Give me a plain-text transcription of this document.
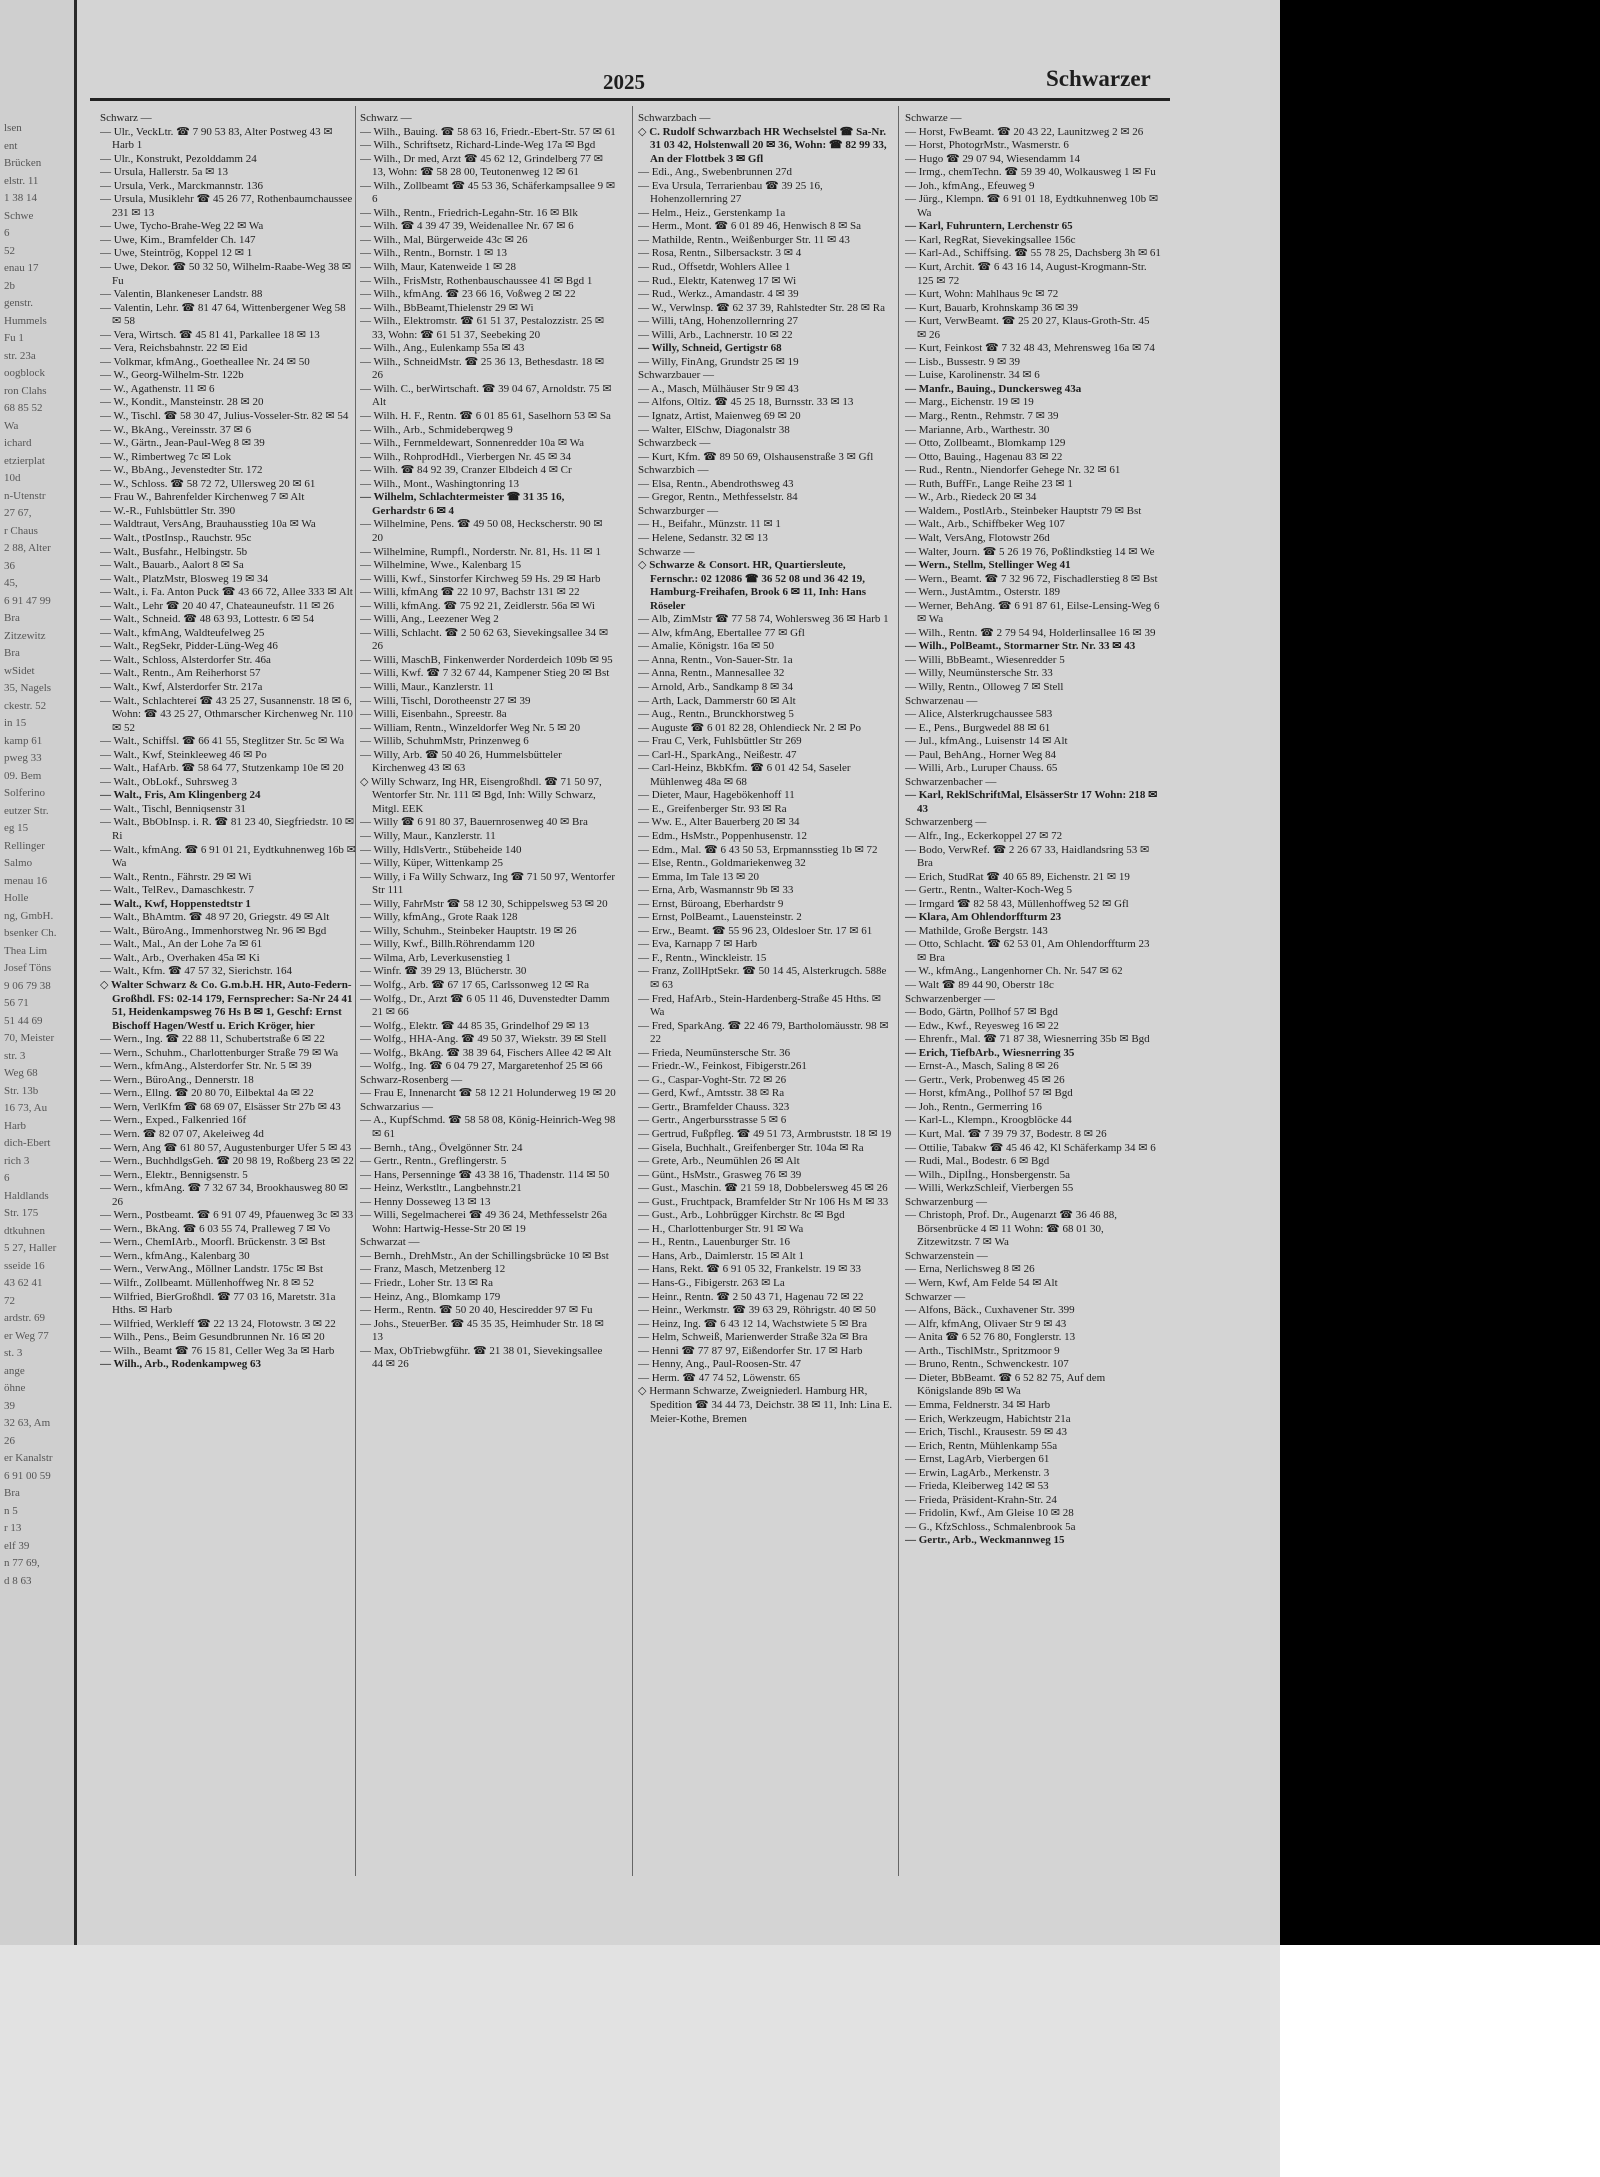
lsen
ent
Brücken
elstr. 11
1 38 14
Schwe
6
52
enau 17
2b
genstr.
Hummels
Fu 1
str. 23a
oogblock
ron Clahs
68 85 52
Wa
ichard
etzierplat
10d
n-Utenstr
27 67,
r Chaus
2 88, Alter
36
45,
6 91 47 99
Bra
Zitzewitz
Bra
wSidet
35, Nagels
ckestr. 52
in 15
kamp 61
pweg 33
09. Bem
Solferino
eutzer Str.
eg 15
Rellinger
Salmo
menau 16
Holle
ng, GmbH.
bsenker Ch.
Thea Lim
Josef Töns
9 06 79 38
56 71
51 44 69
70, Meister
str. 3
Weg 68
Str. 13b
16 73, Au
Harb
dich-Ebert
rich 3
6
Haldlands
Str. 175
dtkuhnen
5 27, Haller
sseide 16
43 62 41
72
ardstr. 69
er Weg 77
st. 3
ange
öhne
39
32 63, Am
26
er Kanalstr
6 91 00 59
Bra
n 5
r 13
elf 39
n 77 69,
d 8 63
2025	Schwarzer
Schwarz —
— Ulr., VeckLtr. ☎ 7 90 53 83, Alter Postweg 43 ✉ Harb 1
— Ulr., Konstrukt, Pezolddamm 24
— Ursula, Hallerstr. 5a ✉ 13
— Ursula, Verk., Marckmannstr. 136
— Ursula, Musiklehr ☎ 45 26 77, Rothenbaumchaussee 231 ✉ 13
— Uwe, Tycho-Brahe-Weg 22 ✉ Wa
— Uwe, Kim., Bramfelder Ch. 147
— Uwe, Steintrög, Koppel 12 ✉ 1
— Uwe, Dekor. ☎ 50 32 50, Wilhelm-Raabe-Weg 38 ✉ Fu
— Valentin, Blankeneser Landstr. 88
— Valentin, Lehr. ☎ 81 47 64, Wittenbergener Weg 58 ✉ 58
— Vera, Wirtsch. ☎ 45 81 41, Parkallee 18 ✉ 13
— Vera, Reichsbahnstr. 22 ✉ Eid
— Volkmar, kfmAng., Goetheallee Nr. 24 ✉ 50
— W., Georg-Wilhelm-Str. 122b
— W., Agathenstr. 11 ✉ 6
— W., Kondit., Mansteinstr. 28 ✉ 20
— W., Tischl. ☎ 58 30 47, Julius-Vosseler-Str. 82 ✉ 54
— W., BkAng., Vereinsstr. 37 ✉ 6
— W., Gärtn., Jean-Paul-Weg 8 ✉ 39
— W., Rimbertweg 7c ✉ Lok
— W., BbAng., Jevenstedter Str. 172
— W., Schloss. ☎ 58 72 72, Ullersweg 20 ✉ 61
— Frau W., Bahrenfelder Kirchenweg 7 ✉ Alt
— W.-R., Fuhlsbüttler Str. 390
— Waldtraut, VersAng, Brauhausstieg 10a ✉ Wa
— Walt., tPostInsp., Rauchstr. 95c
— Walt., Busfahr., Helbingstr. 5b
— Walt., Bauarb., Aalort 8 ✉ Sa
— Walt., PlatzMstr, Blosweg 19 ✉ 34
— Walt., i. Fa. Anton Puck ☎ 43 66 72, Allee 333 ✉ Alt
— Walt., Lehr ☎ 20 40 47, Chateauneufstr. 11 ✉ 26
— Walt., Schneid. ☎ 48 63 93, Lottestr. 6 ✉ 54
— Walt., kfmAng, Waldteufelweg 25
— Walt., RegSekr, Pidder-Lüng-Weg 46
— Walt., Schloss, Alsterdorfer Str. 46a
— Walt., Rentn., Am Reiherhorst 57
— Walt., Kwf, Alsterdorfer Str. 217a
— Walt., Schlachtereí ☎ 43 25 27, Susannenstr. 18 ✉ 6, Wohn: ☎ 43 25 27, Othmarscher Kirchenweg Nr. 110 ✉ 52
— Walt., Schiffsl. ☎ 66 41 55, Steglitzer Str. 5c ✉ Wa
— Walt., Kwf, Steinkleeweg 46 ✉ Po
— Walt., HafArb. ☎ 58 64 77, Stutzenkamp 10e ✉ 20
— Walt., ObLokf., Suhrsweg 3
— Walt., Fris, Am Klingenberg 24
— Walt., Tischl, Benniqsenstr 31
— Walt., BbObInsp. i. R. ☎ 81 23 40, Siegfriedstr. 10 ✉ Ri
— Walt., kfmAng. ☎ 6 91 01 21, Eydtkuhnenweg 16b ✉ Wa
— Walt., Rentn., Fährstr. 29 ✉ Wi
— Walt., TelRev., Damaschkestr. 7
— Walt., Kwf, Hoppenstedtstr 1
— Walt., BhAmtm. ☎ 48 97 20, Griegstr. 49 ✉ Alt
— Walt., BüroAng., Immenhorstweg Nr. 96 ✉ Bgd
— Walt., Mal., An der Lohe 7a ✉ 61
— Walt., Arb., Overhaken 45a ✉ Ki
— Walt., Kfm. ☎ 47 57 32, Sierichstr. 164
◇ Walter Schwarz & Co. G.m.b.H. HR, Auto-Federn-Großhdl. FS: 02-14 179, Fernsprecher: Sa-Nr 24 41 51, Heidenkampsweg 76 Hs B ✉ 1, Geschf: Ernst Bischoff Hagen/Westf u. Erich Kröger, hier
— Wern., Ing. ☎ 22 88 11, Schubertstraße 6 ✉ 22
— Wern., Schuhm., Charlottenburger Straße 79 ✉ Wa
— Wern., kfmAng., Alsterdorfer Str. Nr. 5 ✉ 39
— Wern., BüroAng., Dennerstr. 18
— Wern., Ellng. ☎ 20 80 70, Eilbektal 4a ✉ 22
— Wern, VerlKfm ☎ 68 69 07, Elsässer Str 27b ✉ 43
— Wern., Exped., Falkenried 16f
— Wern. ☎ 82 07 07, Akeleiweg 4d
— Wern, Ang ☎ 61 80 57, Augustenburger Ufer 5 ✉ 43
— Wern., BuchhdlgsGeh. ☎ 20 98 19, Roßberg 23 ✉ 22
— Wern., Elektr., Bennigsenstr. 5
— Wern., kfmAng. ☎ 7 32 67 34, Brookhausweg 80 ✉ 26
— Wern., Postbeamt. ☎ 6 91 07 49, Pfauenweg 3c ✉ 33
— Wern., BkAng. ☎ 6 03 55 74, Pralleweg 7 ✉ Vo
— Wern., ChemIArb., Moorfl. Brückenstr. 3 ✉ Bst
— Wern., kfmAng., Kalenbarg 30
— Wern., VerwAng., Möllner Landstr. 175c ✉ Bst
— Wilfr., Zollbeamt. Müllenhoffweg Nr. 8 ✉ 52
— Wilfried, BierGroßhdl. ☎ 77 03 16, Maretstr. 31a Hths. ✉ Harb
— Wilfried, Werkleff ☎ 22 13 24, Flotowstr. 3 ✉ 22
— Wilh., Pens., Beim Gesundbrunnen Nr. 16 ✉ 20
— Wilh., Beamt ☎ 76 15 81, Celler Weg 3a ✉ Harb
— Wilh., Arb., Rodenkampweg 63
Schwarz —
— Wilh., Bauing. ☎ 58 63 16, Friedr.-Ebert-Str. 57 ✉ 61
— Wilh., Schriftsetz, Richard-Linde-Weg 17a ✉ Bgd
— Wilh., Dr med, Arzt ☎ 45 62 12, Grindelberg 77 ✉ 13, Wohn: ☎ 58 28 00, Teutonenweg 12 ✉ 61
— Wilh., Zollbeamt ☎ 45 53 36, Schäferkampsallee 9 ✉ 6
— Wilh., Rentn., Friedrich-Legahn-Str. 16 ✉ Blk
— Wilh. ☎ 4 39 47 39, Weidenallee Nr. 67 ✉ 6
— Wilh., Mal, Bürgerweide 43c ✉ 26
— Wilh., Rentn., Bornstr. 1 ✉ 13
— Wilh, Maur, Katenweide 1 ✉ 28
— Wilh., FrisMstr, Rothenbauschaussee 41 ✉ Bgd 1
— Wilh., kfmAng. ☎ 23 66 16, Voßweg 2 ✉ 22
— Wilh., BbBeamt,Thielenstr 29 ✉ Wi
— Wilh., Elektromstr. ☎ 61 51 37, Pestalozzistr. 25 ✉ 33, Wohn: ☎ 61 51 37, Seebeking 20
— Wilh., Ang., Eulenkamp 55a ✉ 43
— Wilh., SchneidMstr. ☎ 25 36 13, Bethesdastr. 18 ✉ 26
— Wilh. C., berWirtschaft. ☎ 39 04 67, Arnoldstr. 75 ✉ Alt
— Wilh. H. F., Rentn. ☎ 6 01 85 61, Saselhorn 53 ✉ Sa
— Wilh., Arb., Schmideberqweg 9
— Wilh., Fernmeldewart, Sonnenredder 10a ✉ Wa
— Wilh., RohprodHdl., Vierbergen Nr. 45 ✉ 34
— Wilh. ☎ 84 92 39, Cranzer Elbdeich 4 ✉ Cr
— Wilh., Mont., Washingtonring 13
— Wilhelm, Schlachtermeister ☎ 31 35 16, Gerhardstr 6 ✉ 4
— Wilhelmine, Pens. ☎ 49 50 08, Heckscherstr. 90 ✉ 20
— Wilhelmine, Rumpfl., Norderstr. Nr. 81, Hs. 11 ✉ 1
— Wilhelmine, Wwe., Kalenbarg 15
— Willi, Kwf., Sinstorfer Kirchweg 59 Hs. 29 ✉ Harb
— Willi, kfmAng ☎ 22 10 97, Bachstr 131 ✉ 22
— Willi, kfmAng. ☎ 75 92 21, Zeidlerstr. 56a ✉ Wi
— Willi, Ang., Leezener Weg 2
— Willi, Schlacht. ☎ 2 50 62 63, Sievekingsallee 34 ✉ 26
— Willi, MaschB, Finkenwerder Norderdeich 109b ✉ 95
— Willi, Kwf. ☎ 7 32 67 44, Kampener Stieg 20 ✉ Bst
— Willi, Maur., Kanzlerstr. 11
— Willi, Tischl, Dorotheenstr 27 ✉ 39
— Willi, Eisenbahn., Spreestr. 8a
— William, Rentn., Winzeldorfer Weg Nr. 5 ✉ 20
— Willib, SchuhmMstr, Prinzenweg 6
— Willy, Arb. ☎ 50 40 26, Hummelsbütteler Kirchenweg 43 ✉ 63
◇ Willy Schwarz, Ing HR, Eisengroßhdl. ☎ 71 50 97, Wentorfer Str. Nr. 111 ✉ Bgd, Inh: Willy Schwarz, Mitgl. EEK
— Willy ☎ 6 91 80 37, Bauernrosenweg 40 ✉ Bra
— Willy, Maur., Kanzlerstr. 11
— Willy, HdlsVertr., Stübeheide 140
— Willy, Küper, Wittenkamp 25
— Willy, i Fa Willy Schwarz, Ing ☎ 71 50 97, Wentorfer Str 111
— Willy, FahrMstr ☎ 58 12 30, Schippelsweg 53 ✉ 20
— Willy, kfmAng., Grote Raak 128
— Willy, Schuhm., Steinbeker Hauptstr. 19 ✉ 26
— Willy, Kwf., Billh.Röhrendamm 120
— Wilma, Arb, Leverkusenstieg 1
— Winfr. ☎ 39 29 13, Blücherstr. 30
— Wolfg., Arb. ☎ 67 17 65, Carlssonweg 12 ✉ Ra
— Wolfg., Dr., Arzt ☎ 6 05 11 46, Duvenstedter Damm 21 ✉ 66
— Wolfg., Elektr. ☎ 44 85 35, Grindelhof 29 ✉ 13
— Wolfg., HHA-Ang. ☎ 49 50 37, Wiekstr. 39 ✉ Stell
— Wolfg., BkAng. ☎ 38 39 64, Fischers Allee 42 ✉ Alt
— Wolfg., Ing. ☎ 6 04 79 27, Margaretenhof 25 ✉ 66
Schwarz-Rosenberg —
— Frau E, Innenarcht ☎ 58 12 21 Holunderweg 19 ✉ 20
Schwarzarius —
— A., KupfSchmd. ☎ 58 58 08, König-Heinrich-Weg 98 ✉ 61
— Bernh., tAng., Övelgönner Str. 24
— Gertr., Rentn., Greflingerstr. 5
— Hans, Persenninge ☎ 43 38 16, Thadenstr. 114 ✉ 50
— Heinz, Werkstltr., Langbehnstr.21
— Henny Dosseweg 13 ✉ 13
— Willi, Segelmacherei ☎ 49 36 24, Methfesselstr 26a Wohn: Hartwig-Hesse-Str 20 ✉ 19
Schwarzat —
— Bernh., DrehMstr., An der Schillingsbrücke 10 ✉ Bst
— Franz, Masch, Metzenberg 12
— Friedr., Loher Str. 13 ✉ Ra
— Heinz, Ang., Blomkamp 179
— Herm., Rentn. ☎ 50 20 40, Hesciredder 97 ✉ Fu
— Johs., SteuerBer. ☎ 45 35 35, Heimhuder Str. 18 ✉ 13
— Max, ObTriebwgführ. ☎ 21 38 01, Sievekingsallee 44 ✉ 26
Schwarzbach —
◇ C. Rudolf Schwarzbach HR Wechselstel ☎ Sa-Nr. 31 03 42, Holstenwall 20 ✉ 36, Wohn: ☎ 82 99 33, An der Flottbek 3 ✉ Gfl
— Edi., Ang., Swebenbrunnen 27d
— Eva Ursula, Terrarienbau ☎ 39 25 16, Hohenzollernring 27
— Helm., Heiz., Gerstenkamp 1a
— Herm., Mont. ☎ 6 01 89 46, Henwisch 8 ✉ Sa
— Mathilde, Rentn., Weißenburger Str. 11 ✉ 43
— Rosa, Rentn., Silbersackstr. 3 ✉ 4
— Rud., Offsetdr, Wohlers Allee 1
— Rud., Elektr, Katenweg 17 ✉ Wi
— Rud., Werkz., Amandastr. 4 ✉ 39
— W., Verwlnsp. ☎ 62 37 39, Rahlstedter Str. 28 ✉ Ra
— Willi, tAng, Hohenzollernring 27
— Willi, Arb., Lachnerstr. 10 ✉ 22
— Willy, Schneid, Gertigstr 68
— Willy, FinAng, Grundstr 25 ✉ 19
Schwarzbauer —
— A., Masch, Mülhäuser Str 9 ✉ 43
— Alfons, Oltiz. ☎ 45 25 18, Burnsstr. 33 ✉ 13
— Ignatz, Artist, Maienweg 69 ✉ 20
— Walter, ElSchw, Diagonalstr 38
Schwarzbeck —
— Kurt, Kfm. ☎ 89 50 69, Olshausenstraße 3 ✉ Gfl
Schwarzbich —
— Elsa, Rentn., Abendrothsweg 43
— Gregor, Rentn., Methfesselstr. 84
Schwarzburger —
— H., Beifahr., Münzstr. 11 ✉ 1
— Helene, Sedanstr. 32 ✉ 13
Schwarze —
◇ Schwarze & Consort. HR, Quartiersleute, Fernschr.: 02 12086 ☎ 36 52 08 und 36 42 19, Hamburg-Freihafen, Brook 6 ✉ 11, Inh: Hans Röseler
— Alb, ZimMstr ☎ 77 58 74, Wohlersweg 36 ✉ Harb 1
— Alw, kfmAng, Ebertallee 77 ✉ Gfl
— Amalie, Königstr. 16a ✉ 50
— Anna, Rentn., Von-Sauer-Str. 1a
— Anna, Rentn., Mannesallee 32
— Arnold, Arb., Sandkamp 8 ✉ 34
— Arth, Lack, Dammerstr 60 ✉ Alt
— Aug., Rentn., Brunckhorstweg 5
— Auguste ☎ 6 01 82 28, Ohlendieck Nr. 2 ✉ Po
— Frau C, Verk, Fuhlsbüttler Str 269
— Carl-H., SparkAng., Neißestr. 47
— Carl-Heinz, BkbKfm. ☎ 6 01 42 54, Saseler Mühlenweg 48a ✉ 68
— Dieter, Maur, Hagebökenhoff 11
— E., Greifenberger Str. 93 ✉ Ra
— Ww. E., Alter Bauerberg 20 ✉ 34
— Edm., HsMstr., Poppenhusenstr. 12
— Edm., Mal. ☎ 6 43 50 53, Erpmannsstieg 1b ✉ 72
— Else, Rentn., Goldmariekenweg 32
— Emma, Im Tale 13 ✉ 20
— Erna, Arb, Wasmannstr 9b ✉ 33
— Ernst, Büroang, Eberhardstr 9
— Ernst, PolBeamt., Lauensteinstr. 2
— Erw., Beamt. ☎ 55 96 23, Oldesloer Str. 17 ✉ 61
— Eva, Karnapp 7 ✉ Harb
— F., Rentn., Winckleistr. 15
— Franz, ZollHptSekr. ☎ 50 14 45, Alsterkrugch. 588e ✉ 63
— Fred, HafArb., Stein-Hardenberg-Straße 45 Hths. ✉ Wa
— Fred, SparkAng. ☎ 22 46 79, Bartholomäusstr. 98 ✉ 22
— Frieda, Neumünstersche Str. 36
— Friedr.-W., Feinkost, Fibigerstr.261
— G., Caspar-Voght-Str. 72 ✉ 26
— Gerd, Kwf., Amtsstr. 38 ✉ Ra
— Gertr., Bramfelder Chauss. 323
— Gertr., Angerbursstrasse 5 ✉ 6
— Gertrud, Fußpfleg. ☎ 49 51 73, Armbruststr. 18 ✉ 19
— Gisela, Buchhalt., Greifenberger Str. 104a ✉ Ra
— Grete, Arb., Neumühlen 26 ✉ Alt
— Günt., HsMstr., Grasweg 76 ✉ 39
— Gust., Maschin. ☎ 21 59 18, Dobbelersweg 45 ✉ 26
— Gust., Fruchtpack, Bramfelder Str Nr 106 Hs M ✉ 33
— Gust., Arb., Lohbrügger Kirchstr. 8c ✉ Bgd
— H., Charlottenburger Str. 91 ✉ Wa
— H., Rentn., Lauenburger Str. 16
— Hans, Arb., Daimlerstr. 15 ✉ Alt 1
— Hans, Rekt. ☎ 6 91 05 32, Frankelstr. 19 ✉ 33
— Hans-G., Fibigerstr. 263 ✉ La
— Heinr., Rentn. ☎ 2 50 43 71, Hagenau 72 ✉ 22
— Heinr., Werkmstr. ☎ 39 63 29, Röhrigstr. 40 ✉ 50
— Heinz, Ing. ☎ 6 43 12 14, Wachstwiete 5 ✉ Bra
— Helm, Schweiß, Marienwerder Straße 32a ✉ Bra
— Henni ☎ 77 87 97, Eißendorfer Str. 17 ✉ Harb
— Henny, Ang., Paul-Roosen-Str. 47
— Herm. ☎ 47 74 52, Löwenstr. 65
◇ Hermann Schwarze, Zweigniederl. Hamburg HR, Spedition ☎ 34 44 73, Deichstr. 38 ✉ 11, Inh: Lina E. Meier-Kothe, Bremen
Schwarze —
— Horst, FwBeamt. ☎ 20 43 22, Launitzweg 2 ✉ 26
— Horst, PhotogrMstr., Wasmerstr. 6
— Hugo ☎ 29 07 94, Wiesendamm 14
— Irmg., chemTechn. ☎ 59 39 40, Wolkausweg 1 ✉ Fu
— Joh., kfmAng., Efeuweg 9
— Jürg., Klempn. ☎ 6 91 01 18, Eydtkuhnenweg 10b ✉ Wa
— Karl, Fuhruntern, Lerchenstr 65
— Karl, RegRat, Sievekingsallee 156c
— Karl-Ad., Schiffsing. ☎ 55 78 25, Dachsberg 3h ✉ 61
— Kurt, Archit. ☎ 6 43 16 14, August-Krogmann-Str. 125 ✉ 72
— Kurt, Wohn: Mahlhaus 9c ✉ 72
— Kurt, Bauarb, Krohnskamp 36 ✉ 39
— Kurt, VerwBeamt. ☎ 25 20 27, Klaus-Groth-Str. 45 ✉ 26
— Kurt, Feinkost ☎ 7 32 48 43, Mehrensweg 16a ✉ 74
— Lisb., Bussestr. 9 ✉ 39
— Luise, Karolinenstr. 34 ✉ 6
— Manfr., Bauing., Dunckersweg 43a
— Marg., Eichenstr. 19 ✉ 19
— Marg., Rentn., Rehmstr. 7 ✉ 39
— Marianne, Arb., Warthestr. 30
— Otto, Zollbeamt., Blomkamp 129
— Otto, Bauing., Hagenau 83 ✉ 22
— Rud., Rentn., Niendorfer Gehege Nr. 32 ✉ 61
— Ruth, BuffFr., Lange Reihe 23 ✉ 1
— W., Arb., Riedeck 20 ✉ 34
— Waldem., PostlArb., Steinbeker Hauptstr 79 ✉ Bst
— Walt., Arb., Schiffbeker Weg 107
— Walt, VersAng, Flotowstr 26d
— Walter, Journ. ☎ 5 26 19 76, Poßlindkstieg 14 ✉ We
— Wern., Stellm, Stellinger Weg 41
— Wern., Beamt. ☎ 7 32 96 72, Fischadlerstieg 8 ✉ Bst
— Wern., JustAmtm., Osterstr. 189
— Werner, BehAng. ☎ 6 91 87 61, Eilse-Lensing-Weg 6 ✉ Wa
— Wilh., Rentn. ☎ 2 79 54 94, Holderlinsallee 16 ✉ 39
— Wilh., PolBeamt., Stormarner Str. Nr. 33 ✉ 43
— Willi, BbBeamt., Wiesenredder 5
— Willy, Neumünstersche Str. 33
— Willy, Rentn., Olloweg 7 ✉ Stell
Schwarzenau —
— Alice, Alsterkrugchaussee 583
— E., Pens., Burgwedel 88 ✉ 61
— Jul., kfmAng., Luisenstr 14 ✉ Alt
— Paul, BehAng., Horner Weg 84
— Willi, Arb., Luruper Chauss. 65
Schwarzenbacher —
— Karl, ReklSchriftMal, ElsässerStr 17 Wohn: 218 ✉ 43
Schwarzenberg —
— Alfr., Ing., Eckerkoppel 27 ✉ 72
— Bodo, VerwRef. ☎ 2 26 67 33, Haidlandsring 53 ✉ Bra
— Erich, StudRat ☎ 40 65 89, Eichenstr. 21 ✉ 19
— Gertr., Rentn., Walter-Koch-Weg 5
— Irmgard ☎ 82 58 43, Müllenhoffweg 52 ✉ Gfl
— Klara, Am Ohlendorffturm 23
— Mathilde, Große Bergstr. 143
— Otto, Schlacht. ☎ 62 53 01, Am Ohlendorffturm 23 ✉ Bra
— W., kfmAng., Langenhorner Ch. Nr. 547 ✉ 62
— Walt ☎ 89 44 90, Oberstr 18c
Schwarzenberger —
— Bodo, Gärtn, Pollhof 57 ✉ Bgd
— Edw., Kwf., Reyesweg 16 ✉ 22
— Ehrenfr., Mal. ☎ 71 87 38, Wiesnerring 35b ✉ Bgd
— Erich, TiefbArb., Wiesnerring 35
— Ernst-A., Masch, Saling 8 ✉ 26
— Gertr., Verk, Probenweg 45 ✉ 26
— Horst, kfmAng., Pollhof 57 ✉ Bgd
— Joh., Rentn., Germerring 16
— Karl-L., Klempn., Kroogblöcke 44
— Kurt, Mal. ☎ 7 39 79 37, Bodestr. 8 ✉ 26
— Ottilie, Tabakw ☎ 45 46 42, Kl Schäferkamp 34 ✉ 6
— Rudi, Mal., Bodestr. 6 ✉ Bgd
— Wilh., Diplİng., Honsbergenstr. 5a
— Willi, WerkzSchleif, Vierbergen 55
Schwarzenburg —
— Christoph, Prof. Dr., Augenarzt ☎ 36 46 88, Börsenbrücke 4 ✉ 11 Wohn: ☎ 68 01 30, Zitzewitzstr. 7 ✉ Wa
Schwarzenstein —
— Erna, Nerlichsweg 8 ✉ 26
— Wern, Kwf, Am Felde 54 ✉ Alt
Schwarzer —
— Alfons, Bäck., Cuxhavener Str. 399
— Alfr, kfmAng, Olivaer Str 9 ✉ 43
— Anita ☎ 6 52 76 80, Fonglerstr. 13
— Arth., TischlMstr., Spritzmoor 9
— Bruno, Rentn., Schwenckestr. 107
— Dieter, BbBeamt. ☎ 6 52 82 75, Auf dem Königslande 89b ✉ Wa
— Emma, Feldnerstr. 34 ✉ Harb
— Erich, Werkzeugm, Habichtstr 21a
— Erich, Tischl., Krausestr. 59 ✉ 43
— Erich, Rentn, Mühlenkamp 55a
— Ernst, LagArb, Vierbergen 61
— Erwin, LagArb., Merkenstr. 3
— Frieda, Kleiberweg 142 ✉ 53
— Frieda, Präsident-Krahn-Str. 24
— Fridolin, Kwf., Am Gleise 10 ✉ 28
— G., KfzSchloss., Schmalenbrook 5a
— Gertr., Arb., Weckmannweg 15
